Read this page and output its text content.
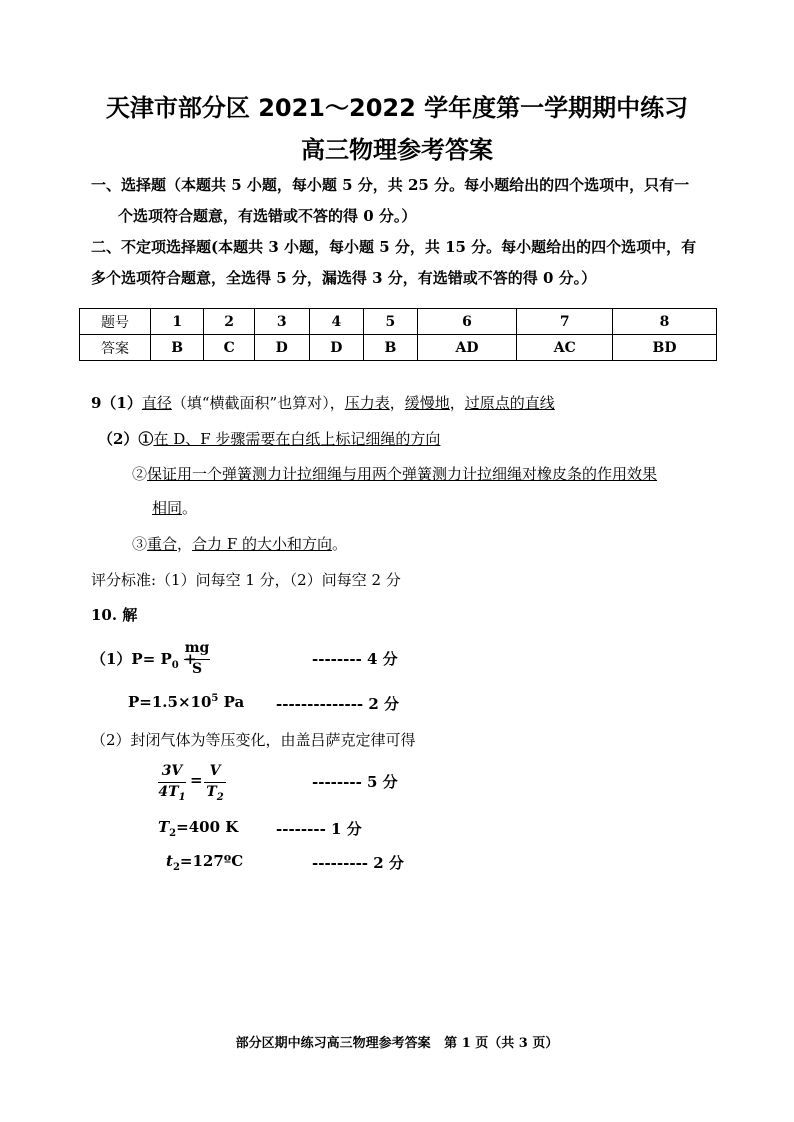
天津市部分区 2021～2022 学年度第一学期期中练习
高三物理参考答案
一、选择题（本题共 5 小题，每小题 5 分，共 25 分。每小题给出的四个选项中，只有一
个选项符合题意，有选错或不答的得 0 分。）
二、不定项选择题(本题共 3 小题，每小题 5 分，共 15 分。每小题给出的四个选项中，有
多个选项符合题意，全选得 5 分，漏选得 3 分，有选错或不答的得 0 分。）
题号	1	2	3	4	5	6	7	8
答案	B	C	D	D	B	AD	AC	BD
9（1）直径（填“横截面积”也算对），压力表，缓慢地，过原点的直线
（2）①在 D、F 步骤需要在白纸上标记细绳的方向
②保证用一个弹簧测力计拉细绳与用两个弹簧测力计拉细绳对橡皮条的作用效果
相同。
③重合，合力 F 的大小和方向。
评分标准:（1）问每空 1 分，（2）问每空 2 分
10. 解
$(1)P= P_0$ +
mg
S
-------- 4 分
$P=1.5\times 10^5$ Pa -------------- 2 分
（2）封闭气体为等压变化，由盖吕萨克定律可得
3V
$4T_1$
= V
$T_2$
-------- 5 分
$T_2=400$ K	-------- 1 分
$t_2=127ºC$	--------- 2 分
部分区期中练习高三物理参考答案   第 1 页（共 3 页）
